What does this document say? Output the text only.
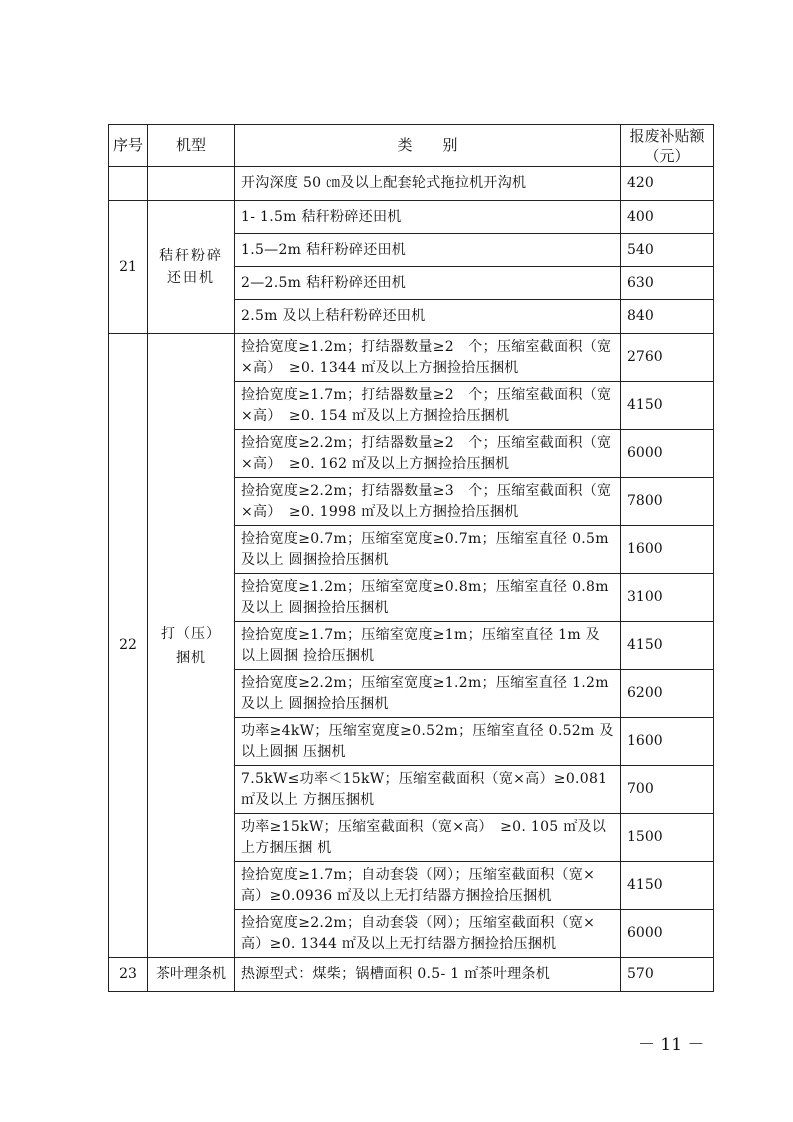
序号	机型	类　　别	报废补贴额
（元）

		开沟深度 50 ㎝及以上配套轮式拖拉机开沟机	420
21	秸秆粉碎还田机	1- 1.5m 秸秆粉碎还田机	400
		1.5—2m 秸秆粉碎还田机	540
		2—2.5m 秸秆粉碎还田机	630
		2.5m 及以上秸秆粉碎还田机	840
22	打（压）捆机	捡拾宽度≥1.2m；打结器数量≥2　个；压缩室截面积（宽×高）　≥0. 1344 ㎡及以上方捆捡拾压捆机	2760
		捡拾宽度≥1.7m；打结器数量≥2　个；压缩室截面积（宽×高）　≥0. 154 ㎡及以上方捆捡拾压捆机	4150
		捡拾宽度≥2.2m；打结器数量≥2　个；压缩室截面积（宽×高）　≥0. 162 ㎡及以上方捆捡拾压捆机	6000
		捡拾宽度≥2.2m；打结器数量≥3　个；压缩室截面积（宽×高）　≥0. 1998 ㎡及以上方捆捡拾压捆机	7800
		捡拾宽度≥0.7m；压缩室宽度≥0.7m；压缩室直径 0.5m 及以上 圆捆捡拾压捆机	1600
		捡拾宽度≥1.2m；压缩室宽度≥0.8m；压缩室直径 0.8m 及以上 圆捆捡拾压捆机	3100
		捡拾宽度≥1.7m；压缩室宽度≥1m；压缩室直径 1m 及以上圆捆 捡拾压捆机	4150
		捡拾宽度≥2.2m；压缩室宽度≥1.2m；压缩室直径 1.2m 及以上 圆捆捡拾压捆机	6200
		功率≥4kW；压缩室宽度≥0.52m；压缩室直径 0.52m 及以上圆捆 压捆机	1600
		7.5kW≤功率＜15kW；压缩室截面积（宽×高）≥0.081 ㎡及以上 方捆压捆机	700
		功率≥15kW；压缩室截面积（宽×高）　≥0. 105 ㎡及以上方捆压捆 机	1500
		捡拾宽度≥1.7m；自动套袋（网）；压缩室截面积（宽×高）≥0.0936 ㎡及以上无打结器方捆捡拾压捆机	4150
		捡拾宽度≥2.2m；自动套袋（网）；压缩室截面积（宽×高）≥0. 1344 ㎡及以上无打结器方捆捡拾压捆机	6000
23	茶叶理条机	热源型式：煤柴；锅槽面积 0.5- 1 ㎡茶叶理条机	570
－ 11 －
